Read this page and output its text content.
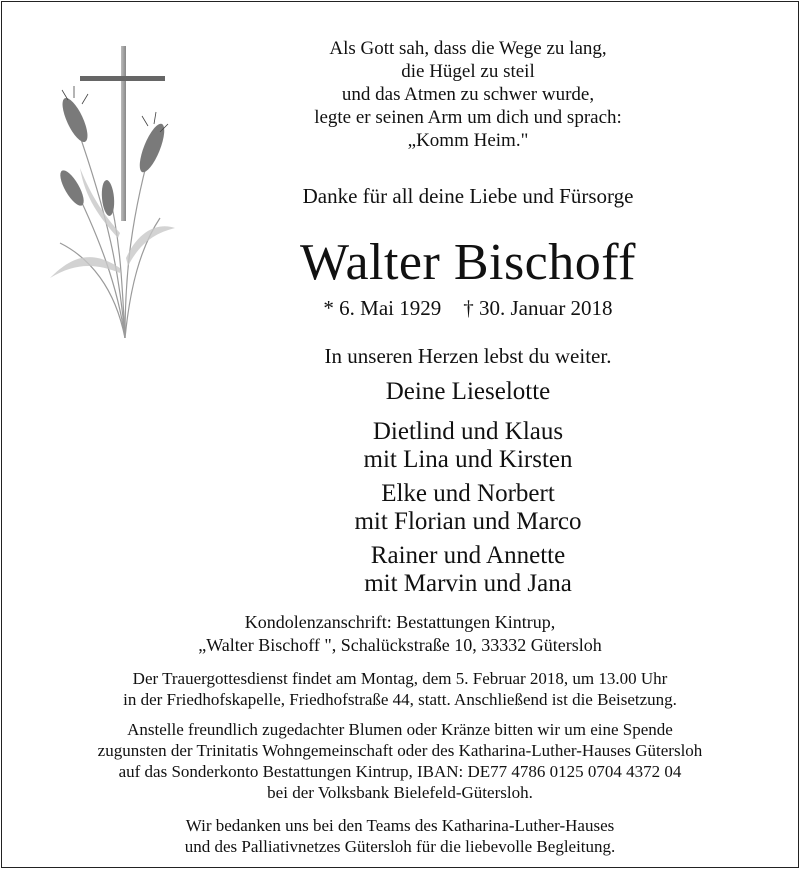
Als Gott sah, dass die Wege zu lang,
die Hügel zu steil
und das Atmen zu schwer wurde,
legte er seinen Arm um dich und sprach:
„Komm Heim."
Danke für all deine Liebe und Fürsorge
Walter Bischoff
* 6. Mai 1929 † 30. Januar 2018
In unseren Herzen lebst du weiter.
Deine Lieselotte
Dietlind und Klaus
mit Lina und Kirsten
Elke und Norbert
mit Florian und Marco
Rainer und Annette
mit Marvin und Jana
Kondolenzanschrift: Bestattungen Kintrup,
„Walter Bischoff ", Schalückstraße 10, 33332 Gütersloh
Der Trauergottesdienst findet am Montag, dem 5. Februar 2018, um 13.00 Uhr
in der Friedhofskapelle, Friedhofstraße 44, statt. Anschließend ist die Beisetzung.
Anstelle freundlich zugedachter Blumen oder Kränze bitten wir um eine Spende
zugunsten der Trinitatis Wohngemeinschaft oder des Katharina-Luther-Hauses Gütersloh
auf das Sonderkonto Bestattungen Kintrup, IBAN: DE77 4786 0125 0704 4372 04
bei der Volksbank Bielefeld-Gütersloh.
Wir bedanken uns bei den Teams des Katharina-Luther-Hauses
und des Palliativnetzes Gütersloh für die liebevolle Begleitung.
